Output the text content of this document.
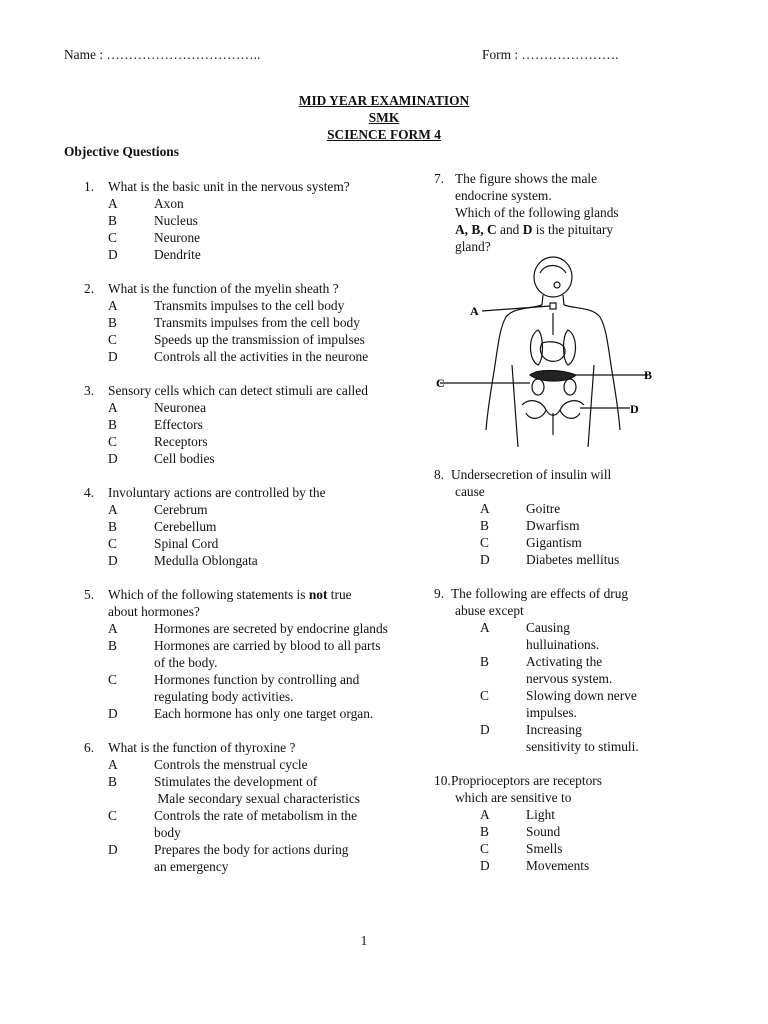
Name : ……………………………..	Form : ………………….
MID YEAR EXAMINATION
SMK
SCIENCE FORM 4
Objective Questions
1. What is the basic unit in the nervous system?
A	Axon
B	Nucleus
C	Neurone
D	Dendrite
2. What is the function of the myelin sheath ?
A	Transmits impulses to the cell body
B	Transmits impulses from the cell body
C	Speeds up the transmission of impulses
D	Controls all the activities in the neurone
3. Sensory cells which can detect stimuli are called
A	Neuronea
B	Effectors
C	Receptors
D	Cell bodies
4. Involuntary actions are controlled by the
A	Cerebrum
B	Cerebellum
C	Spinal Cord
D	Medulla Oblongata
5. Which of the following statements is not true
about hormones?
A	Hormones are secreted by endocrine glands
B	Hormones are carried by blood to all parts
of the body.
C	Hormones function by controlling and
regulating body activities.
D	Each hormone has only one target organ.
6. What is the function of thyroxine ?
A	Controls the menstrual cycle
B	Stimulates the development of
Male secondary sexual characteristics
C	Controls the rate of metabolism in the
body
D	Prepares the body for actions during
an emergency
7. The figure shows the male
endocrine system.
Which of the following glands
A, B, C and D is the pituitary
gland?
A
B
C
D
8. Undersecretion of insulin will
cause
A	Goitre
B	Dwarfism
C	Gigantism
D	Diabetes mellitus
9. The following are effects of drug
abuse except
A	Causing
hulluinations.
B	Activating the
nervous system.
C	Slowing down nerve
impulses.
D	Increasing
sensitivity to stimuli.
10. Proprioceptors are receptors
which are sensitive to
A	Light
B	Sound
C	Smells
D	Movements
1
